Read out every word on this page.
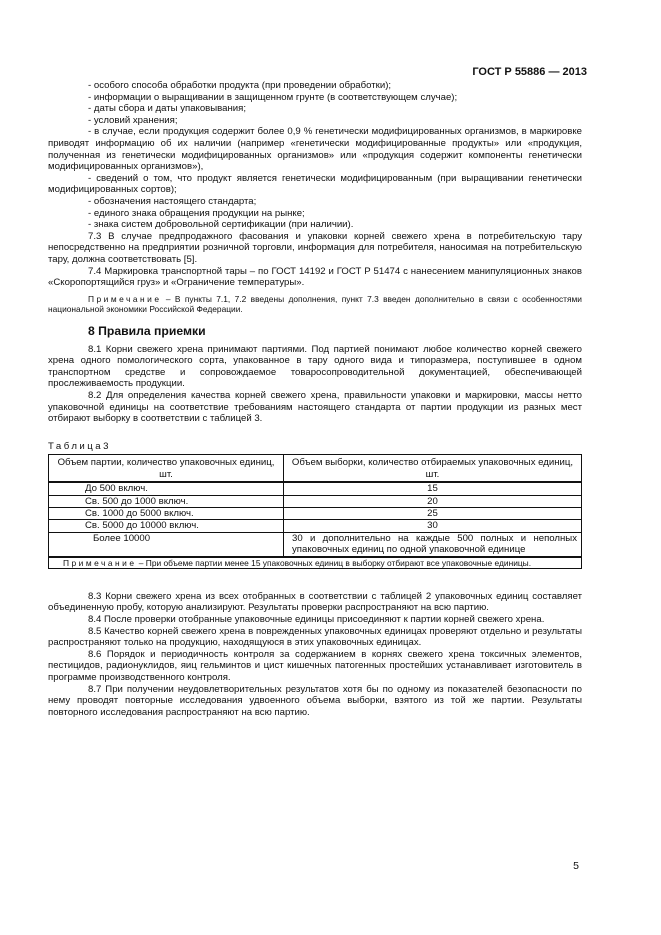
ГОСТ Р 55886 — 2013

- особого способа обработки продукта (при проведении обработки);

- информации о выращивании в защищенном грунте (в соответствующем случае);

- даты сбора и даты упаковывания;

- условий хранения;

- в случае, если продукция содержит более 0,9 % генетически модифицированных организмов, в маркировке приводят информацию об их наличии (например «генетически модифицированные продукты» или «продукция, полученная из генетически модифицированных организмов» или «продукция содержит компоненты генетически модифицированных организмов»),

- сведений о том, что продукт является генетически модифицированным (при выращивании генетически модифицированных сортов);

- обозначения настоящего стандарта;

- единого знака обращения продукции на рынке;

- знака систем добровольной сертификации (при наличии).

7.3 В случае предпродажного фасования и упаковки корней свежего хрена в потребительскую тару непосредственно на предприятии розничной торговли, информация для потребителя, наносимая на потребительскую тару, должна соответствовать [5].

7.4 Маркировка транспортной тары – по ГОСТ 14192 и ГОСТ Р 51474 с нанесением манипуляционных знаков «Скоропортящийся груз» и «Ограничение температуры».

Примечание – В пункты 7.1, 7.2 введены дополнения, пункт 7.3 введен дополнительно в связи с особенностями национальной экономики Российской Федерации.

8 Правила приемки

8.1 Корни свежего хрена принимают партиями. Под партией понимают любое количество корней свежего хрена одного помологического сорта, упакованное в тару одного вида и типоразмера, поступившее в одном транспортном средстве и сопровождаемое товаросопроводительной документацией, обеспечивающей прослеживаемость продукции.

8.2 Для определения качества корней свежего хрена, правильности упаковки и маркировки, массы нетто упаковочной единицы на соответствие требованиям настоящего стандарта от партии продукции из разных мест отбирают выборку в соответствии с таблицей 3.

Таблица3

Объем партии, количество упаковочных единиц, шт.	Объем выборки, количество отбираемых упаковочных единиц, шт.
До 500 включ.	15
Св. 500 до 1000 включ.	20
Св. 1000 до 5000 включ.	25
Св. 5000 до 10000 включ.	30
Более 10000	30 и дополнительно на каждые 500 полных и неполных упаковочных единиц по одной упаковочной единице
Примечание – При объеме партии менее 15 упаковочных единиц в выборку отбирают все упаковочные единицы.	

8.3 Корни свежего хрена из всех отобранных в соответствии с таблицей 2 упаковочных единиц составляет объединенную пробу, которую анализируют. Результаты проверки распространяют на всю партию.

8.4 После проверки отобранные упаковочные единицы присоединяют к партии корней свежего хрена.

8.5 Качество корней свежего хрена в поврежденных упаковочных единицах проверяют отдельно и результаты распространяют только на продукцию, находящуюся в этих упаковочных единицах.

8.6 Порядок и периодичность контроля за содержанием в корнях свежего хрена токсичных элементов, пестицидов, радионуклидов, яиц гельминтов и цист кишечных патогенных простейших устанавливает изготовитель в программе производственного контроля.

8.7 При получении неудовлетворительных результатов хотя бы по одному из показателей безопасности по нему проводят повторные исследования удвоенного объема выборки, взятого из той же партии. Результаты повторного исследования распространяют на всю партию.

5
